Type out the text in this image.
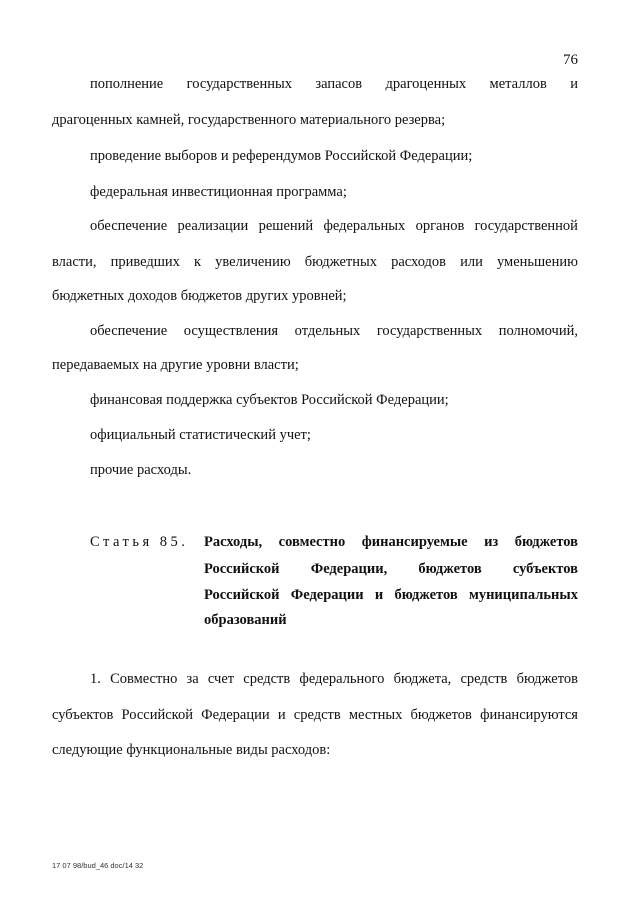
76
пополнение государственных запасов драгоценных металлов и
драгоценных камней, государственного материального резерва;
проведение выборов и референдумов Российской Федерации;
федеральная инвестиционная программа;
обеспечение реализации решений федеральных органов государственной
власти, приведших к увеличению бюджетных расходов или уменьшению
бюджетных доходов бюджетов других уровней;
обеспечение осуществления отдельных государственных полномочий,
передаваемых на другие уровни власти;
финансовая поддержка субъектов Российской Федерации;
официальный статистический учет;
прочие расходы.
Статья 85. Расходы, совместно финансируемые из бюджетов
Российской Федерации, бюджетов субъектов
Российской Федерации и бюджетов муниципальных
образований
1. Совместно за счет средств федерального бюджета, средств бюджетов
субъектов Российской Федерации и средств местных бюджетов финансируются
следующие функциональные виды расходов:
17 07 98/bud_46 doc/14 32
